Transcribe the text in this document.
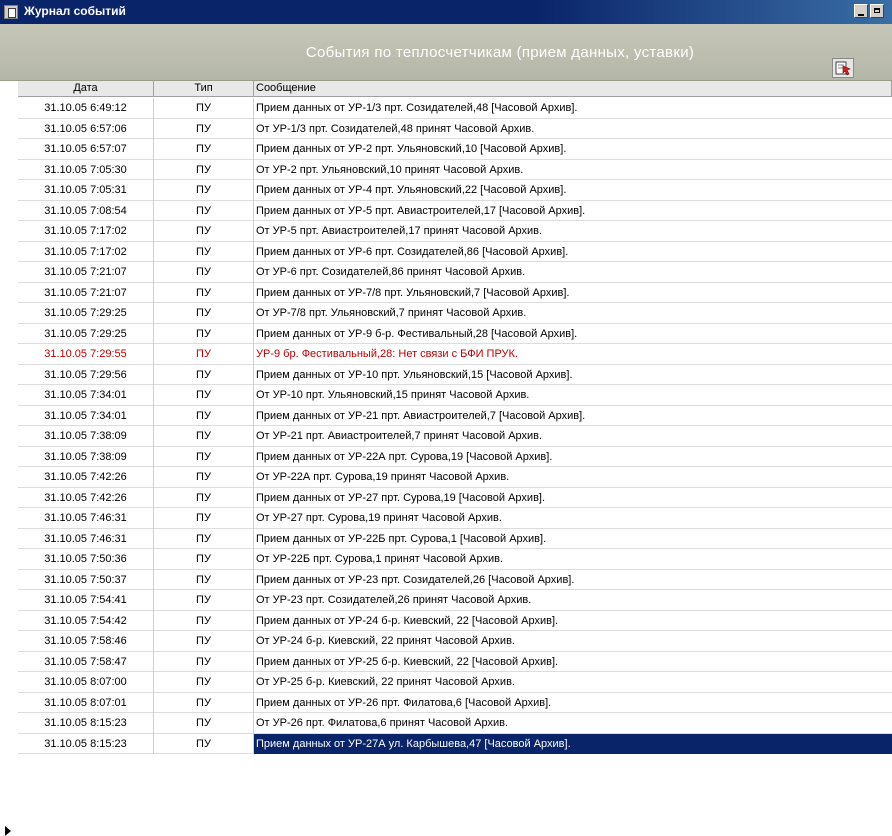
Журнал событий
События по теплосчетчикам (прием данных, уставки)
Дата	Тип	Сообщение
31.10.05 6:49:12	ПУ	Прием данных от УР-1/3 прт. Созидателей,48 [Часовой Архив].
31.10.05 6:57:06	ПУ	От УР-1/3 прт. Созидателей,48 принят Часовой Архив.
31.10.05 6:57:07	ПУ	Прием данных от УР-2 прт. Ульяновский,10 [Часовой Архив].
31.10.05 7:05:30	ПУ	От УР-2 прт. Ульяновский,10 принят Часовой Архив.
31.10.05 7:05:31	ПУ	Прием данных от УР-4 прт. Ульяновский,22 [Часовой Архив].
31.10.05 7:08:54	ПУ	Прием данных от УР-5 прт. Авиастроителей,17 [Часовой Архив].
31.10.05 7:17:02	ПУ	От УР-5 прт. Авиастроителей,17 принят Часовой Архив.
31.10.05 7:17:02	ПУ	Прием данных от УР-6 прт. Созидателей,86 [Часовой Архив].
31.10.05 7:21:07	ПУ	От УР-6 прт. Созидателей,86 принят Часовой Архив.
31.10.05 7:21:07	ПУ	Прием данных от УР-7/8 прт. Ульяновский,7 [Часовой Архив].
31.10.05 7:29:25	ПУ	От УР-7/8 прт. Ульяновский,7 принят Часовой Архив.
31.10.05 7:29:25	ПУ	Прием данных от УР-9 б-р. Фестивальный,28 [Часовой Архив].
31.10.05 7:29:55	ПУ	УР-9 бр. Фестивальный,28: Нет связи с БФИ ПРУК.
31.10.05 7:29:56	ПУ	Прием данных от УР-10 прт. Ульяновский,15 [Часовой Архив].
31.10.05 7:34:01	ПУ	От УР-10 прт. Ульяновский,15 принят Часовой Архив.
31.10.05 7:34:01	ПУ	Прием данных от УР-21 прт. Авиастроителей,7 [Часовой Архив].
31.10.05 7:38:09	ПУ	От УР-21 прт. Авиастроителей,7 принят Часовой Архив.
31.10.05 7:38:09	ПУ	Прием данных от УР-22А прт. Сурова,19 [Часовой Архив].
31.10.05 7:42:26	ПУ	От УР-22А прт. Сурова,19 принят Часовой Архив.
31.10.05 7:42:26	ПУ	Прием данных от УР-27 прт. Сурова,19 [Часовой Архив].
31.10.05 7:46:31	ПУ	От УР-27 прт. Сурова,19 принят Часовой Архив.
31.10.05 7:46:31	ПУ	Прием данных от УР-22Б прт. Сурова,1 [Часовой Архив].
31.10.05 7:50:36	ПУ	От УР-22Б прт. Сурова,1 принят Часовой Архив.
31.10.05 7:50:37	ПУ	Прием данных от УР-23 прт. Созидателей,26 [Часовой Архив].
31.10.05 7:54:41	ПУ	От УР-23 прт. Созидателей,26 принят Часовой Архив.
31.10.05 7:54:42	ПУ	Прием данных от УР-24 б-р. Киевский, 22 [Часовой Архив].
31.10.05 7:58:46	ПУ	От УР-24 б-р. Киевский, 22 принят Часовой Архив.
31.10.05 7:58:47	ПУ	Прием данных от УР-25 б-р. Киевский, 22 [Часовой Архив].
31.10.05 8:07:00	ПУ	От УР-25 б-р. Киевский, 22 принят Часовой Архив.
31.10.05 8:07:01	ПУ	Прием данных от УР-26 прт. Филатова,6 [Часовой Архив].
31.10.05 8:15:23	ПУ	От УР-26 прт. Филатова,6 принят Часовой Архив.
31.10.05 8:15:23	ПУ	Прием данных от УР-27А ул. Карбышева,47 [Часовой Архив].
